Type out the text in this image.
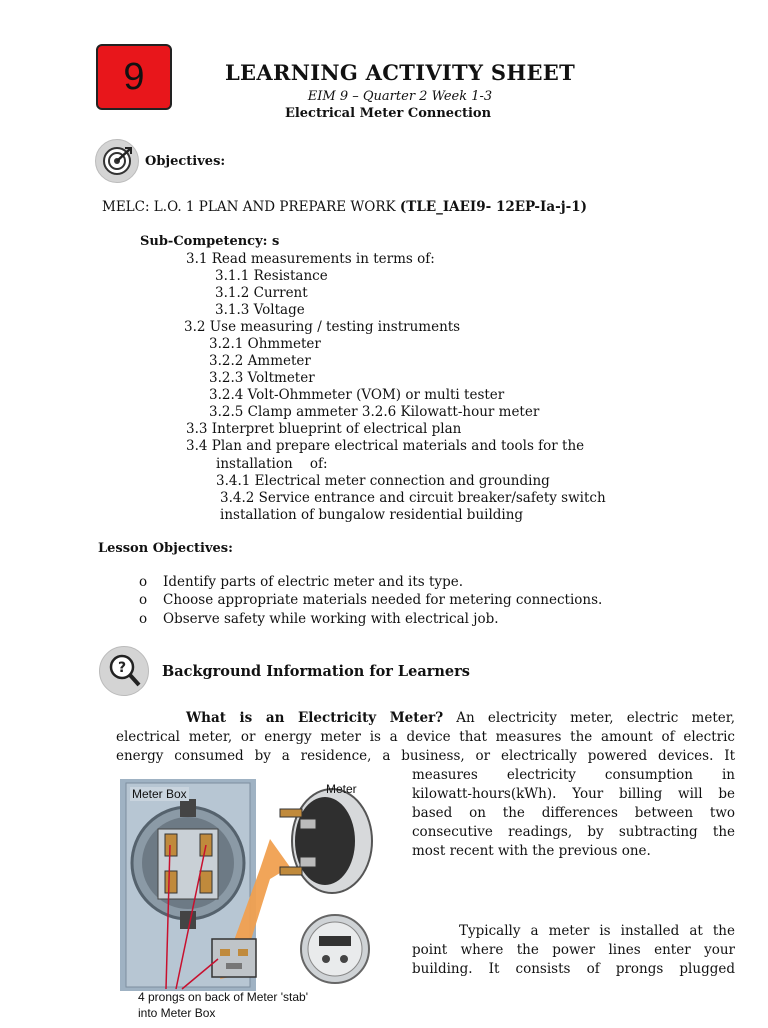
9	LEARNING ACTIVITY SHEET
EIM 9 – Quarter 2 Week 1-3
Electrical Meter Connection
Objectives:
MELC: L.O. 1 PLAN AND PREPARE WORK (TLE_IAEI9- 12EP-Ia-j-1)
Sub-Competency: s
3.1 Read measurements in terms of:
3.1.1 Resistance
3.1.2 Current
3.1.3 Voltage
3.2 Use measuring / testing instruments
3.2.1 Ohmmeter
3.2.2 Ammeter
3.2.3 Voltmeter
3.2.4 Volt-Ohmmeter (VOM) or multi tester
3.2.5 Clamp ammeter 3.2.6 Kilowatt-hour meter
3.3 Interpret blueprint of electrical plan
3.4 Plan and prepare electrical materials and tools for the
installation    of:
3.4.1 Electrical meter connection and grounding
3.4.2 Service entrance and circuit breaker/safety switch
installation of bungalow residential building
Lesson Objectives:
o Identify parts of electric meter and its type.
o Choose appropriate materials needed for metering connections.
o Observe safety while working with electrical job.
? Background Information for Learners
What is an Electricity Meter? An electricity meter, electric meter,
electrical meter, or energy meter is a device that measures the amount of electric
energy consumed by a residence, a business, or electrically powered devices. It
measures electricity consumption in
kilowatt-hours(kWh). Your billing will be
based on the differences between two
consecutive readings, by subtracting the
most recent with the previous one.
Typically a meter is installed at the
point where the power lines enter your
building. It consists of prongs plugged
Meter Box	Meter
4 prongs on back of Meter 'stab'
into Meter Box
